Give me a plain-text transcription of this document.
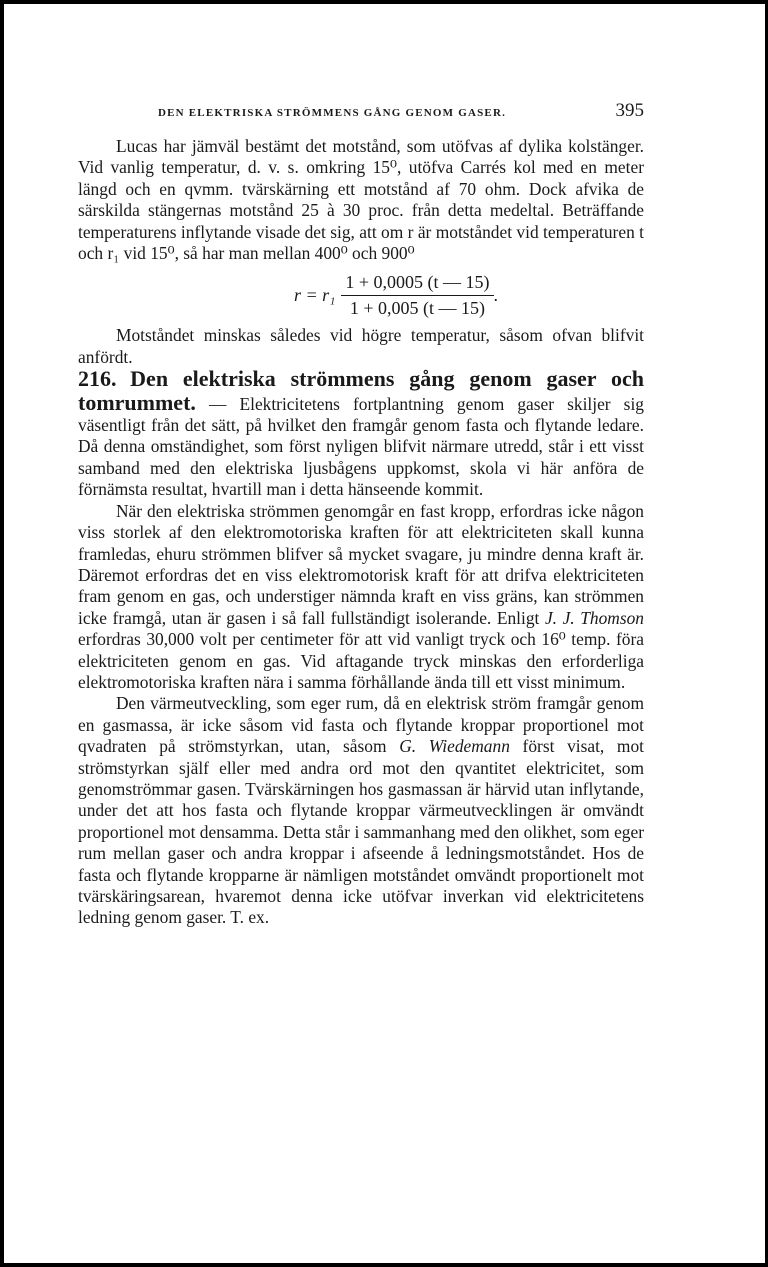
DEN ELEKTRISKA STRÖMMENS GÅNG GENOM GASER.	395

Lucas har jämväl bestämt det motstånd, som utöfvas af dylika kolstänger. Vid vanlig temperatur, d. v. s. omkring 15⁰, utöfva Carrés kol med en meter längd och en qvmm. tvärskärning ett motstånd af 70 ohm. Dock afvika de särskilda stängernas motstånd 25 à 30 proc. från detta medeltal. Beträffande temperaturens inflytande visade det sig, att om r är motståndet vid temperaturen t och r₁ vid 15⁰, så har man mellan 400⁰ och 900⁰

$r = r_1 \frac{1 + 0,0005 (t — 15)}{1 + 0,005 (t — 15)}$ .

Motståndet minskas således vid högre temperatur, såsom ofvan blifvit anfördt.

216. Den elektriska strömmens gång genom gaser och tomrummet. — Elektricitetens fortplantning genom gaser skiljer sig väsentligt från det sätt, på hvilket den framgår genom fasta och flytande ledare. Då denna omständighet, som först nyligen blifvit närmare utredd, står i ett visst samband med den elektriska ljusbågens uppkomst, skola vi här anföra de förnämsta resultat, hvartill man i detta hänseende kommit.

När den elektriska strömmen genomgår en fast kropp, erfordras icke någon viss storlek af den elektromotoriska kraften för att elektriciteten skall kunna framledas, ehuru strömmen blifver så mycket svagare, ju mindre denna kraft är. Däremot erfordras det en viss elektromotorisk kraft för att drifva elektriciteten fram genom en gas, och understiger nämnda kraft en viss gräns, kan strömmen icke framgå, utan är gasen i så fall fullständigt isolerande. Enligt J. J. Thomson erfordras 30,000 volt per centimeter för att vid vanligt tryck och 16⁰ temp. föra elektriciteten genom en gas. Vid aftagande tryck minskas den erforderliga elektromotoriska kraften nära i samma förhållande ända till ett visst minimum.

Den värmeutveckling, som eger rum, då en elektrisk ström framgår genom en gasmassa, är icke såsom vid fasta och flytande kroppar proportionel mot qvadraten på strömstyrkan, utan, såsom G. Wiedemann först visat, mot strömstyrkan själf eller med andra ord mot den qvantitet elektricitet, som genomströmmar gasen. Tvärskärningen hos gasmassan är härvid utan inflytande, under det att hos fasta och flytande kroppar värmeutvecklingen är omvändt proportionel mot densamma. Detta står i sammanhang med den olikhet, som eger rum mellan gaser och andra kroppar i afseende å ledningsmotståndet. Hos de fasta och flytande kropparne är nämligen motståndet omvändt proportionelt mot tvärskäringsarean, hvaremot denna icke utöfvar inverkan vid elektricitetens ledning genom gaser. T. ex.
